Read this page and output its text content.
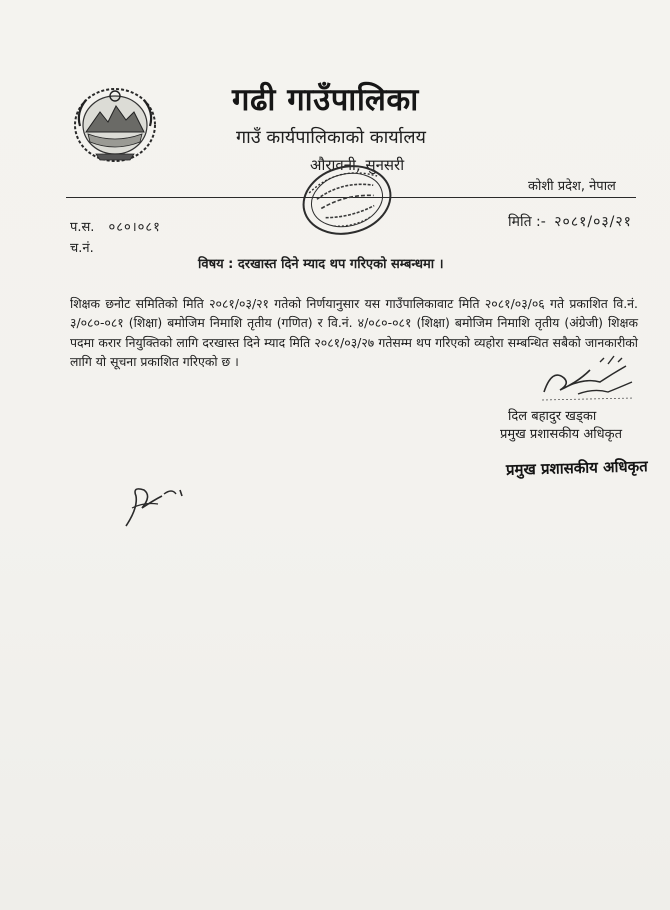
गढी गाउँपालिका
गाउँ कार्यपालिकाको कार्यालय
औरावनी, सुनसरी
कोशी प्रदेश, नेपाल
प.स. ०८०।०८१
च.नं.
मिति :- २०८१/०३/२१
विषय : दरखास्त दिने म्याद थप गरिएको सम्बन्धमा ।
शिक्षक छनोट समितिको मिति २०८१/०३/२१ गतेको निर्णयानुसार यस गाउँपालिकावाट मिति २०८१/०३/०६ गते प्रकाशित वि.नं. ३/०८०-०८१ (शिक्षा) बमोजिम निमाशि तृतीय (गणित) र वि.नं. ४/०८०-०८१ (शिक्षा) बमोजिम निमाशि तृतीय (अंग्रेजी) शिक्षक पदमा करार नियुक्तिको लागि दरखास्त दिने म्याद मिति २०८१/०३/२७ गतेसम्म थप गरिएको व्यहोरा सम्बन्धित सबैको जानकारीको लागि यो सूचना प्रकाशित गरिएको छ ।
दिल बहादुर खड्का
प्रमुख प्रशासकीय अधिकृत
प्रमुख प्रशासकीय अधिकृत
